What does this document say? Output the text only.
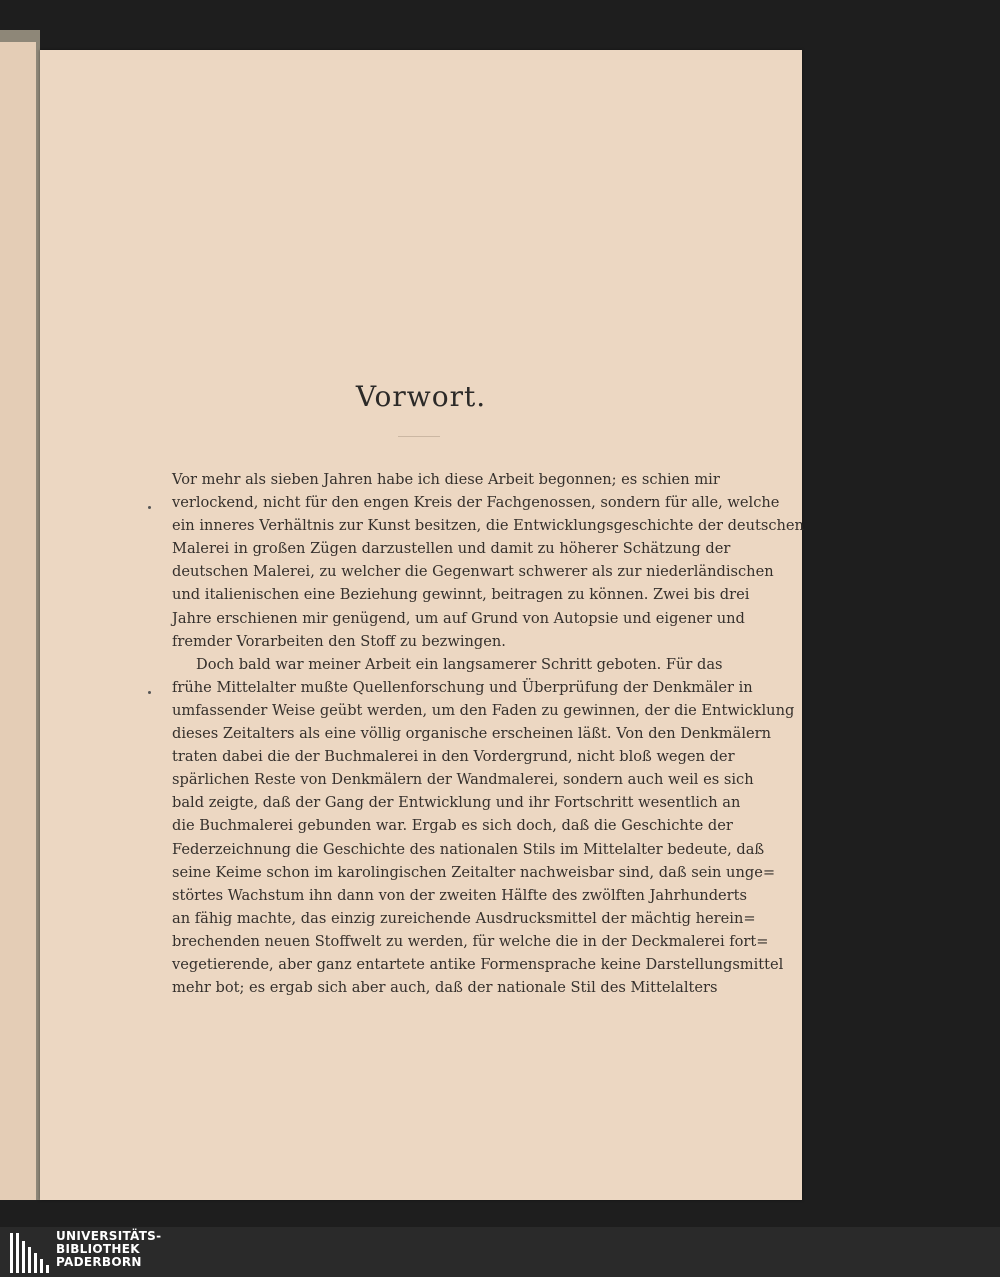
Vorwort.
Vor mehr als sieben Jahren habe ich diese Arbeit begonnen; es schien mir
verlockend, nicht für den engen Kreis der Fachgenossen, sondern für alle, welche
ein inneres Verhältnis zur Kunst besitzen, die Entwicklungsgeschichte der deutschen
Malerei in großen Zügen darzustellen und damit zu höherer Schätzung der
deutschen Malerei, zu welcher die Gegenwart schwerer als zur niederländischen
und italienischen eine Beziehung gewinnt, beitragen zu können. Zwei bis drei
Jahre erschienen mir genügend, um auf Grund von Autopsie und eigener und
fremder Vorarbeiten den Stoff zu bezwingen.
Doch bald war meiner Arbeit ein langsamerer Schritt geboten. Für das
frühe Mittelalter mußte Quellenforschung und Überprüfung der Denkmäler in
umfassender Weise geübt werden, um den Faden zu gewinnen, der die Entwicklung
dieses Zeitalters als eine völlig organische erscheinen läßt. Von den Denkmälern
traten dabei die der Buchmalerei in den Vordergrund, nicht bloß wegen der
spärlichen Reste von Denkmälern der Wandmalerei, sondern auch weil es sich
bald zeigte, daß der Gang der Entwicklung und ihr Fortschritt wesentlich an
die Buchmalerei gebunden war. Ergab es sich doch, daß die Geschichte der
Federzeichnung die Geschichte des nationalen Stils im Mittelalter bedeute, daß
seine Keime schon im karolingischen Zeitalter nachweisbar sind, daß sein unge=
störtes Wachstum ihn dann von der zweiten Hälfte des zwölften Jahrhunderts
an fähig machte, das einzig zureichende Ausdrucksmittel der mächtig herein=
brechenden neuen Stoffwelt zu werden, für welche die in der Deckmalerei fort=
vegetierende, aber ganz entartete antike Formensprache keine Darstellungsmittel
mehr bot; es ergab sich aber auch, daß der nationale Stil des Mittelalters
UNIVERSITÄTS-
BIBLIOTHEK
PADERBORN
